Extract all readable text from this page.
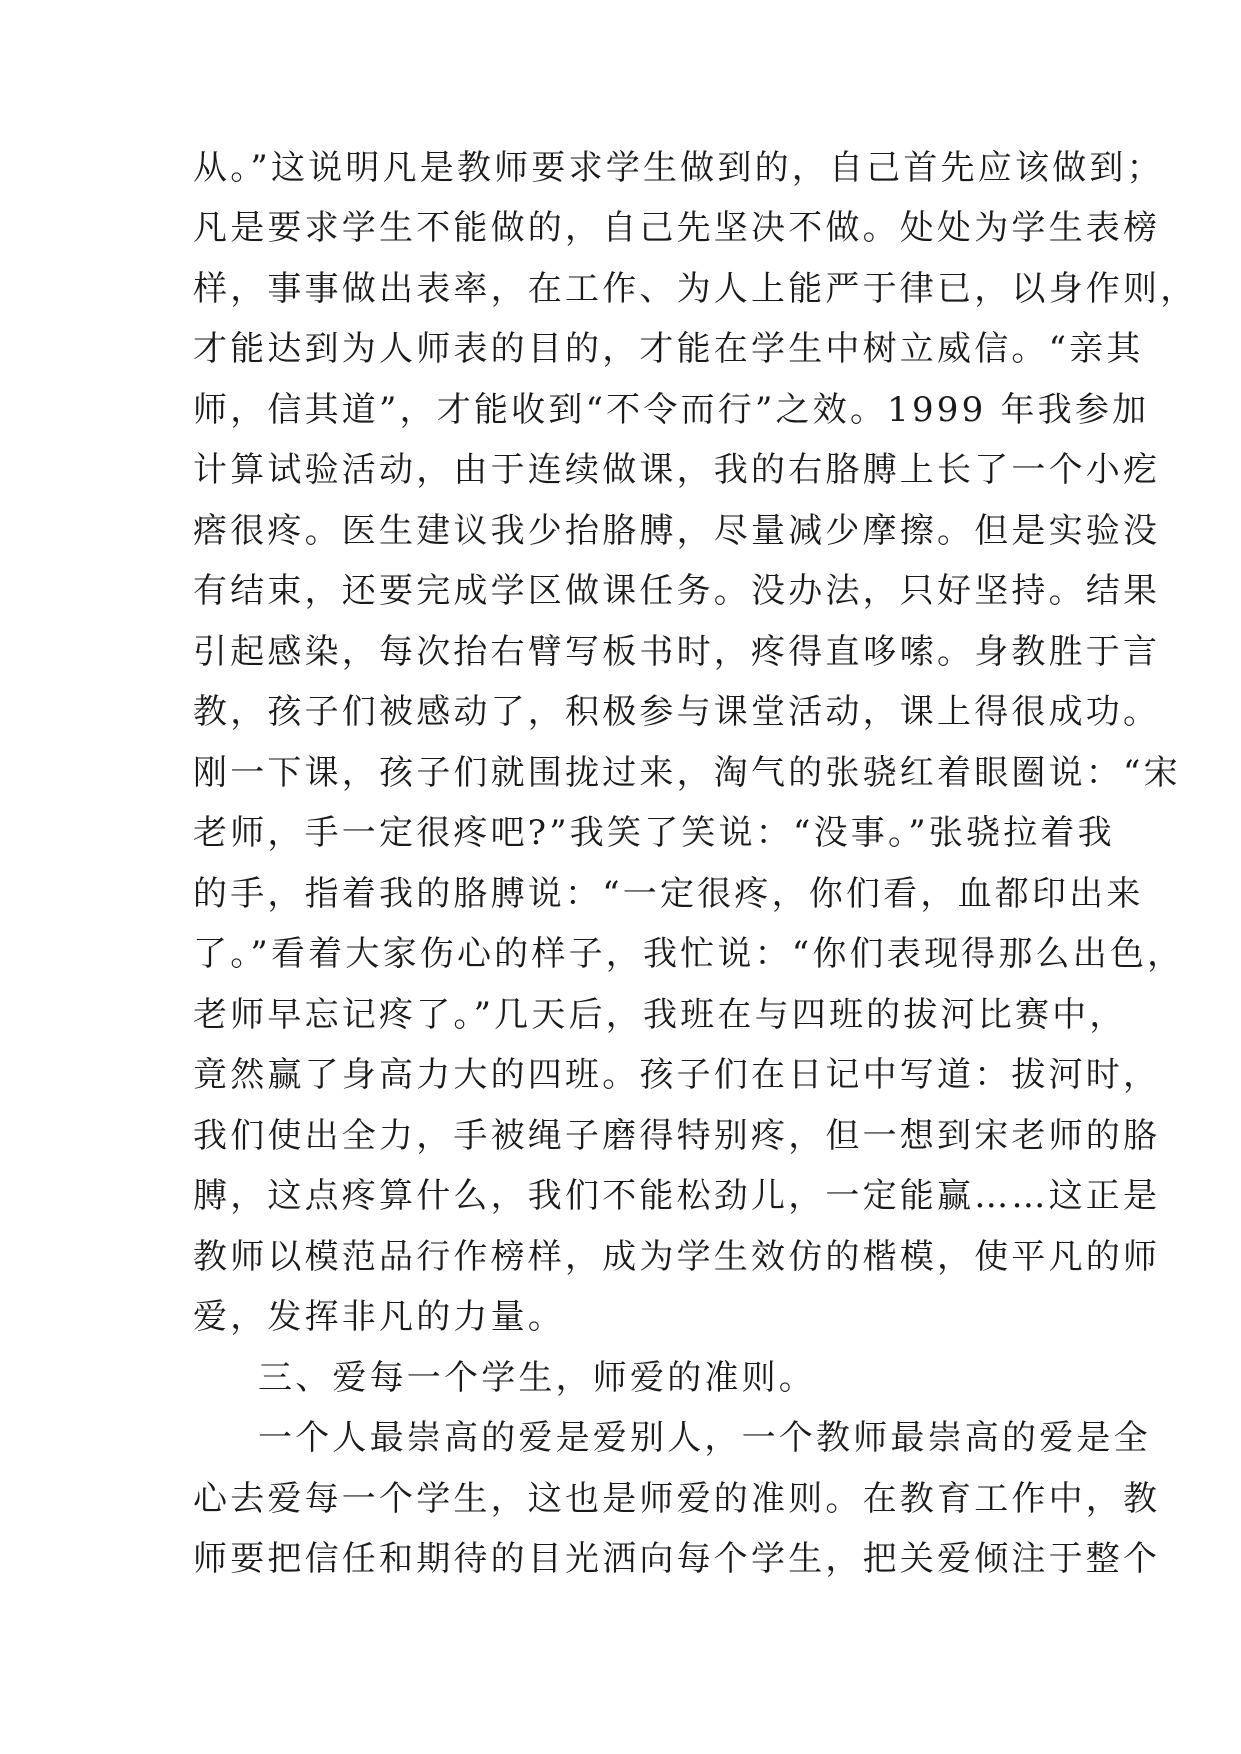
从。”这说明凡是教师要求学生做到的，自己首先应该做到；
凡是要求学生不能做的，自己先坚决不做。处处为学生表榜
样，事事做出表率，在工作、为人上能严于律已，以身作则，
才能达到为人师表的目的，才能在学生中树立威信。“亲其
师，信其道”，才能收到“不令而行”之效。1999 年我参加
计算试验活动，由于连续做课，我的右胳膊上长了一个小疙
瘩很疼。医生建议我少抬胳膊，尽量减少摩擦。但是实验没
有结束，还要完成学区做课任务。没办法，只好坚持。结果
引起感染，每次抬右臂写板书时，疼得直哆嗦。身教胜于言
教，孩子们被感动了，积极参与课堂活动，课上得很成功。
刚一下课，孩子们就围拢过来，淘气的张骁红着眼圈说：“宋
老师，手一定很疼吧?”我笑了笑说：“没事。”张骁拉着我
的手，指着我的胳膊说：“一定很疼，你们看，血都印出来
了。”看着大家伤心的样子，我忙说：“你们表现得那么出色，
老师早忘记疼了。”几天后，我班在与四班的拔河比赛中，
竟然赢了身高力大的四班。孩子们在日记中写道：拔河时，
我们使出全力，手被绳子磨得特别疼，但一想到宋老师的胳
膊，这点疼算什么，我们不能松劲儿，一定能赢……这正是
教师以模范品行作榜样，成为学生效仿的楷模，使平凡的师
爱，发挥非凡的力量。
三、爱每一个学生，师爱的准则。
一个人最崇高的爱是爱别人，一个教师最崇高的爱是全
心去爱每一个学生，这也是师爱的准则。在教育工作中，教
师要把信任和期待的目光洒向每个学生，把关爱倾注于整个
